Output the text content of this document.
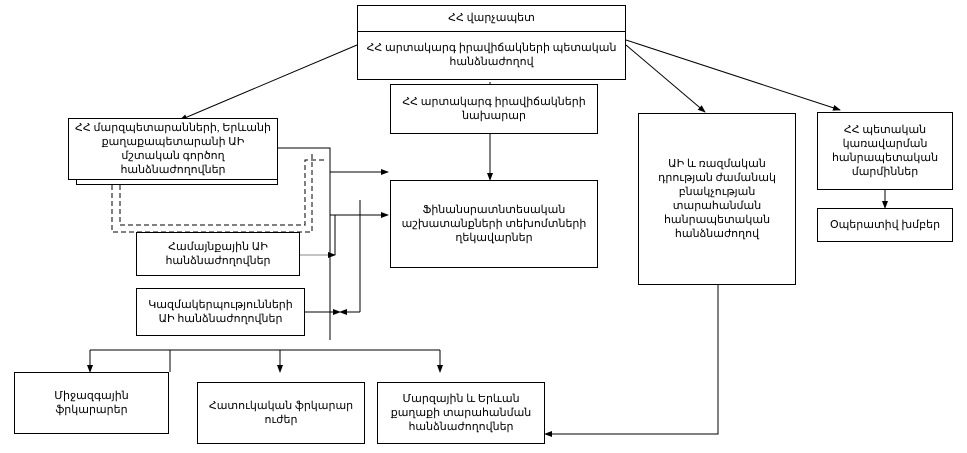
ՀՀ վարչապետ
ՀՀ արտակարգ իրավիճակների պետական հանձնաժողով
ՀՀ արտակարգ իրավիճակների նախարար
ՀՀ մարզպետարանների, Երևանի քաղաքապետարանի ԱԻ մշտական գործող հանձնաժողովներ
ՀՀ պետական կառավարման հանրապետական մարմիններ
ԱԻ և ռազմական դրության ժամանակ բնակչության տարահանման հանրապետական հանձնաժողով
Ֆինանսրատնտեսական աշխատանքների տեխոմտների ղեկավարներ
Համայնքային ԱԻ հանձնաժողովներ
Կազմակերպությունների ԱԻ հանձնաժողովներ
Օպերատիվ խմբեր
Միջազգային ֆրկարարեր	Հատուկական ֆրկարար ուժեր
Մարզային և Երևան քաղաքի տարահանման հանձնաժողովներ
